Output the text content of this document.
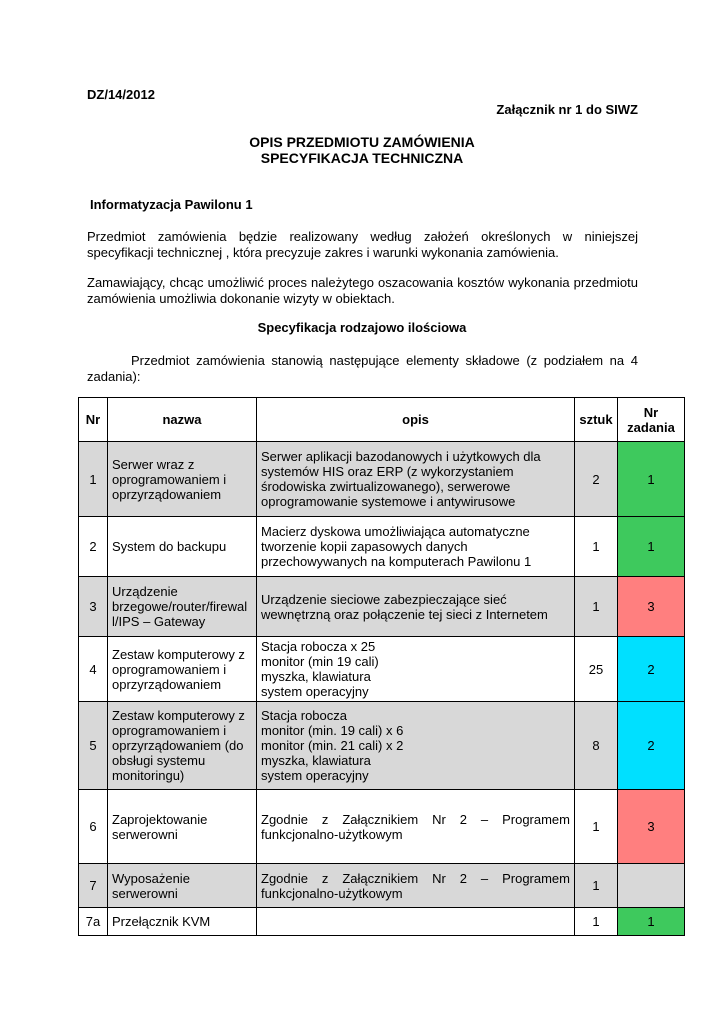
DZ/14/2012
Załącznik nr 1 do SIWZ
OPIS PRZEDMIOTU ZAMÓWIENIA
SPECYFIKACJA TECHNICZNA
Informatyzacja Pawilonu 1
Przedmiot zamówienia będzie realizowany według założeń określonych w niniejszej specyfikacji technicznej , która precyzuje zakres i warunki wykonania zamówienia.
Zamawiający, chcąc umożliwić proces należytego oszacowania kosztów wykonania przedmiotu zamówienia umożliwia dokonanie wizyty w obiektach.
Specyfikacja rodzajowo ilościowa
Przedmiot zamówienia stanowią następujące elementy składowe (z podziałem na 4 zadania):
Nr	nazwa	opis	sztuk	Nr zadania
1	Serwer wraz z oprogramowaniem i oprzyrządowaniem	Serwer aplikacji bazodanowych i użytkowych dla systemów HIS oraz ERP (z wykorzystaniem środowiska zwirtualizowanego), serwerowe oprogramowanie systemowe i antywirusowe	2	1
2	System do backupu	Macierz dyskowa umożliwiająca automatyczne tworzenie kopii zapasowych danych przechowywanych na komputerach Pawilonu 1	1	1
3	Urządzenie brzegowe/router/firewal l/IPS – Gateway	Urządzenie sieciowe zabezpieczające sieć wewnętrzną oraz połączenie tej sieci z Internetem	1	3
4	Zestaw komputerowy z oprogramowaniem i oprzyrządowaniem	Stacja robocza x 25
monitor (min 19 cali)
myszka, klawiatura
system operacyjny	25	2
5	Zestaw komputerowy z oprogramowaniem i oprzyrządowaniem (do obsługi systemu monitoringu)	Stacja robocza
monitor (min. 19 cali) x 6
monitor (min. 21 cali) x 2
myszka, klawiatura
system operacyjny	8	2
6	Zaprojektowanie serwerowni	Zgodnie z Załącznikiem Nr 2 – Programem funkcjonalno-użytkowym	1	3
7	Wyposażenie serwerowni	Zgodnie z Załącznikiem Nr 2 – Programem funkcjonalno-użytkowym	1	
7a	Przełącznik KVM		1	1
